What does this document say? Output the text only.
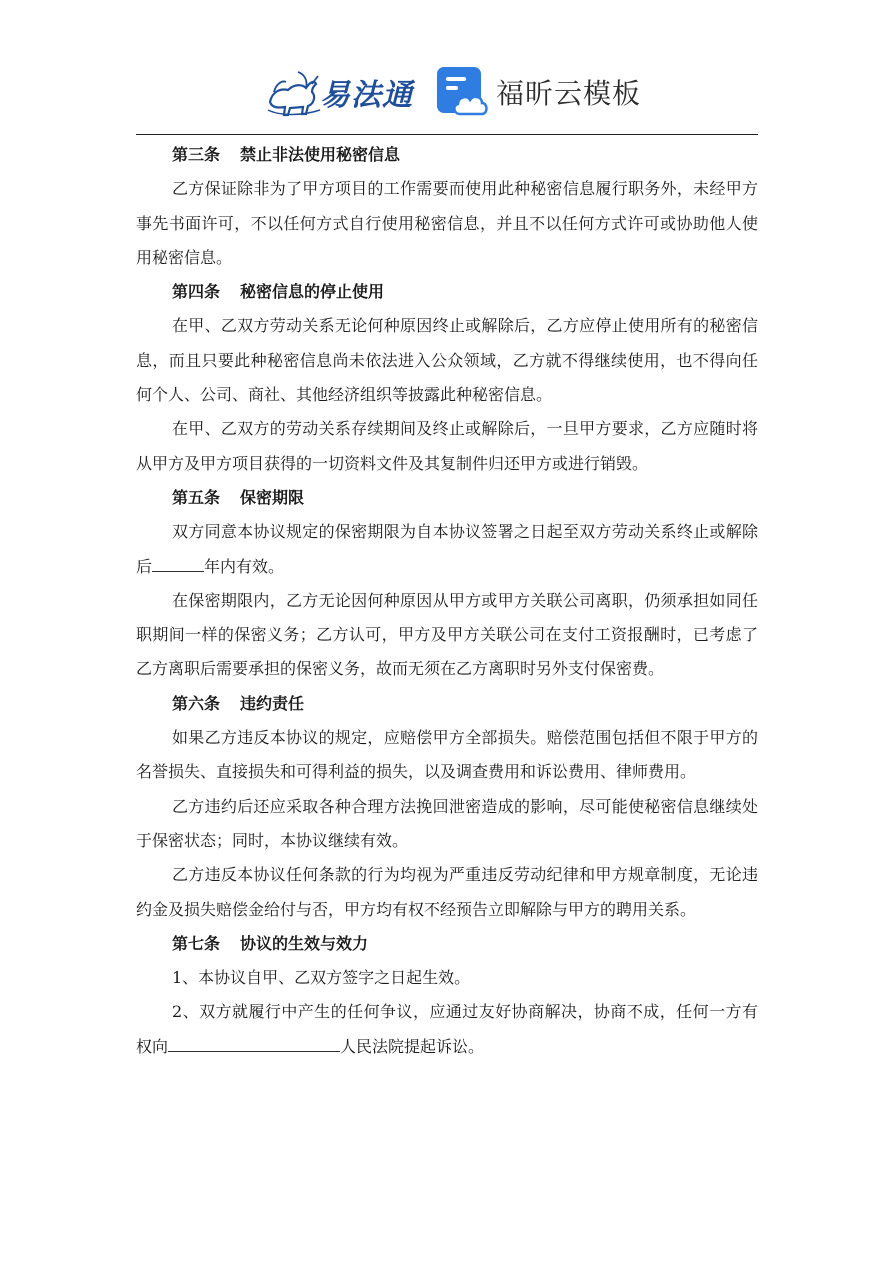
易法通	福昕云模板
第三条 禁止非法使用秘密信息

乙方保证除非为了甲方项目的工作需要而使用此种秘密信息履行职务外，未经甲方事先书面许可，不以任何方式自行使用秘密信息，并且不以任何方式许可或协助他人使用秘密信息。

第四条 秘密信息的停止使用

在甲、乙双方劳动关系无论何种原因终止或解除后，乙方应停止使用所有的秘密信息，而且只要此种秘密信息尚未依法进入公众领域，乙方就不得继续使用，也不得向任何个人、公司、商社、其他经济组织等披露此种秘密信息。

在甲、乙双方的劳动关系存续期间及终止或解除后，一旦甲方要求，乙方应随时将从甲方及甲方项目获得的一切资料文件及其复制件归还甲方或进行销毁。

第五条 保密期限

双方同意本协议规定的保密期限为自本协议签署之日起至双方劳动关系终止或解除后	年内有效。

在保密期限内，乙方无论因何种原因从甲方或甲方关联公司离职，仍须承担如同任职期间一样的保密义务；乙方认可，甲方及甲方关联公司在支付工资报酬时，已考虑了乙方离职后需要承担的保密义务，故而无须在乙方离职时另外支付保密费。

第六条 违约责任

如果乙方违反本协议的规定，应赔偿甲方全部损失。赔偿范围包括但不限于甲方的名誉损失、直接损失和可得利益的损失，以及调查费用和诉讼费用、律师费用。

乙方违约后还应采取各种合理方法挽回泄密造成的影响，尽可能使秘密信息继续处于保密状态；同时，本协议继续有效。

乙方违反本协议任何条款的行为均视为严重违反劳动纪律和甲方规章制度，无论违约金及损失赔偿金给付与否，甲方均有权不经预告立即解除与甲方的聘用关系。

第七条 协议的生效与效力

1、本协议自甲、乙双方签字之日起生效。

2、双方就履行中产生的任何争议，应通过友好协商解决，协商不成，任何一方有权向	人民法院提起诉讼。
